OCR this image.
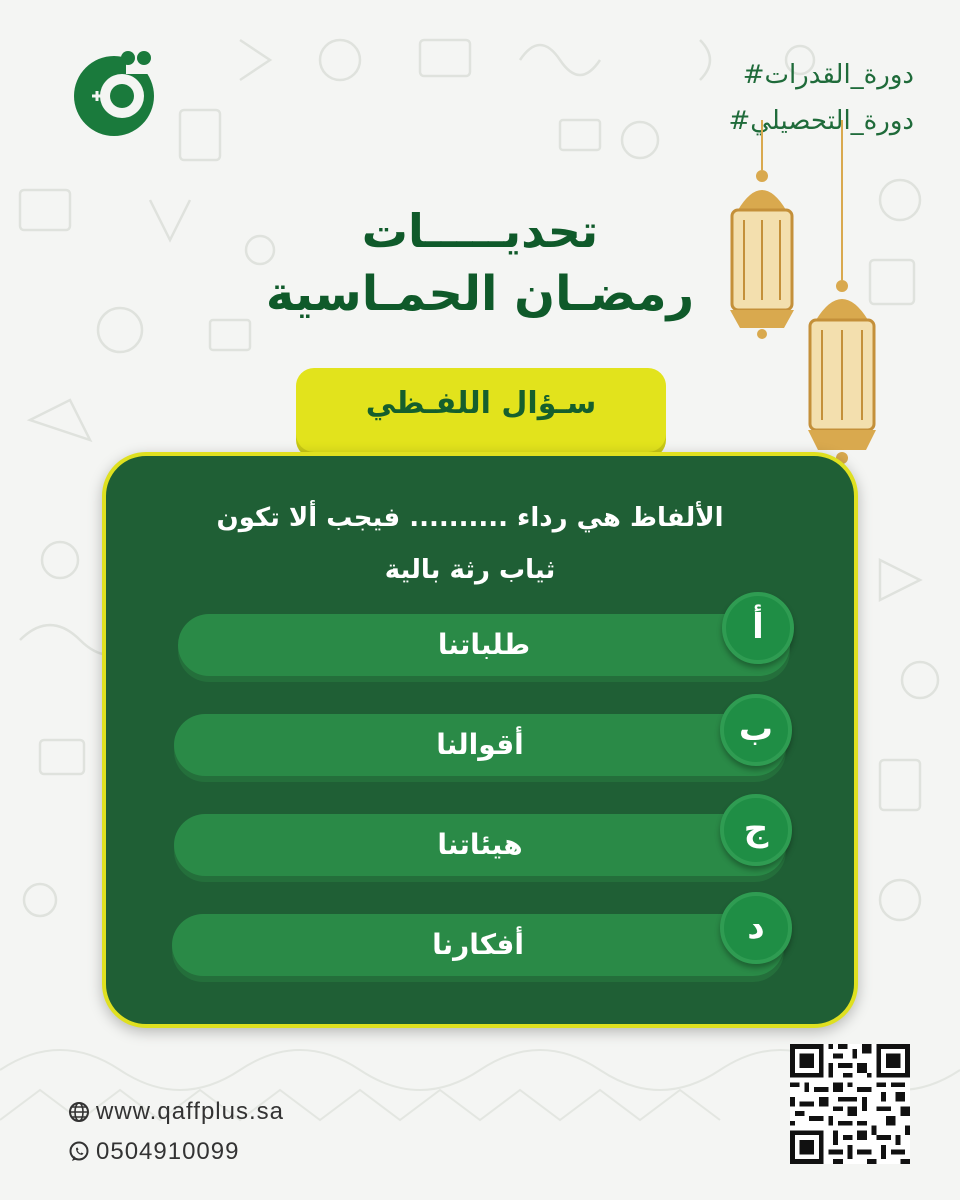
#دورة_القدرات
#دورة_التحصيلي
تحديـــــات
رمضـان الحمـاسية
سـؤال اللفـظي
الألفاظ هي رداء .......... فيجب ألا تكون
ثياب رثة بالية
طلباتنا	أ
أقوالنا	ب
هيئاتنا	ج
أفكارنا	د
www.qaffplus.sa
0504910099
